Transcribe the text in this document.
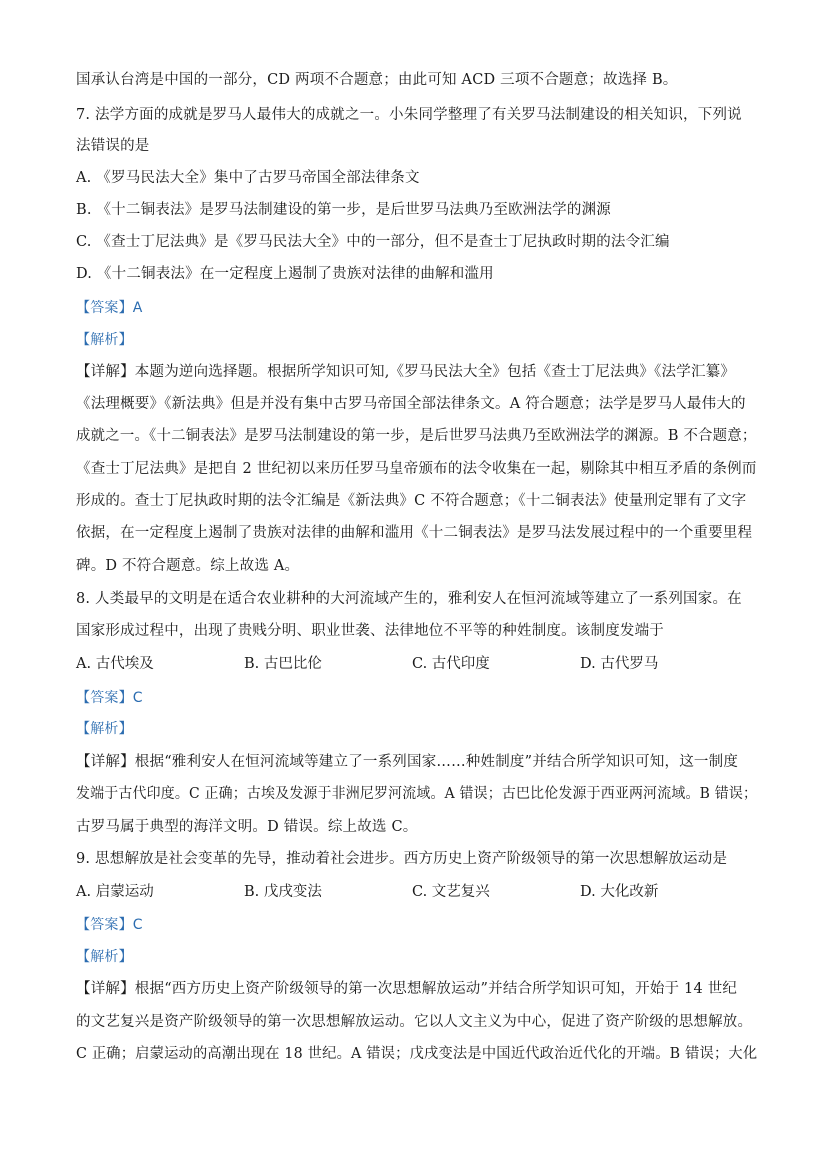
国承认台湾是中国的一部分，CD 两项不合题意；由此可知 ACD 三项不合题意；故选择 B。
7. 法学方面的成就是罗马人最伟大的成就之一。小朱同学整理了有关罗马法制建设的相关知识，下列说
法错误的是
A. 《罗马民法大全》集中了古罗马帝国全部法律条文
B. 《十二铜表法》是罗马法制建设的第一步，是后世罗马法典乃至欧洲法学的渊源
C. 《查士丁尼法典》是《罗马民法大全》中的一部分，但不是查士丁尼执政时期的法令汇编
D. 《十二铜表法》在一定程度上遏制了贵族对法律的曲解和滥用
【答案】A
【解析】
【详解】本题为逆向选择题。根据所学知识可知,《罗马民法大全》包括《查士丁尼法典》《法学汇纂》
《法理概要》《新法典》但是并没有集中古罗马帝国全部法律条文。A 符合题意；法学是罗马人最伟大的
成就之一。《十二铜表法》是罗马法制建设的第一步，是后世罗马法典乃至欧洲法学的渊源。B 不合题意；
《查士丁尼法典》是把自 2 世纪初以来历任罗马皇帝颁布的法令收集在一起，剔除其中相互矛盾的条例而
形成的。查士丁尼执政时期的法令汇编是《新法典》C 不符合题意；《十二铜表法》使量刑定罪有了文字
依据，在一定程度上遏制了贵族对法律的曲解和滥用《十二铜表法》是罗马法发展过程中的一个重要里程
碑。D 不符合题意。综上故选 A。
8. 人类最早的文明是在适合农业耕种的大河流域产生的，雅利安人在恒河流域等建立了一系列国家。在
国家形成过程中，出现了贵贱分明、职业世袭、法律地位不平等的种姓制度。该制度发端于
A. 古代埃及	B. 古巴比伦	C. 古代印度	D. 古代罗马
【答案】C
【解析】
【详解】根据“雅利安人在恒河流域等建立了一系列国家……种姓制度”并结合所学知识可知，这一制度
发端于古代印度。C 正确；古埃及发源于非洲尼罗河流域。A 错误；古巴比伦发源于西亚两河流域。B 错误；
古罗马属于典型的海洋文明。D 错误。综上故选 C。
9. 思想解放是社会变革的先导，推动着社会进步。西方历史上资产阶级领导的第一次思想解放运动是
A. 启蒙运动	B. 戊戌变法	C. 文艺复兴	D. 大化改新
【答案】C
【解析】
【详解】根据“西方历史上资产阶级领导的第一次思想解放运动”并结合所学知识可知，开始于 14 世纪
的文艺复兴是资产阶级领导的第一次思想解放运动。它以人文主义为中心，促进了资产阶级的思想解放。
C 正确；启蒙运动的高潮出现在 18 世纪。A 错误；戊戌变法是中国近代政治近代化的开端。B 错误；大化
